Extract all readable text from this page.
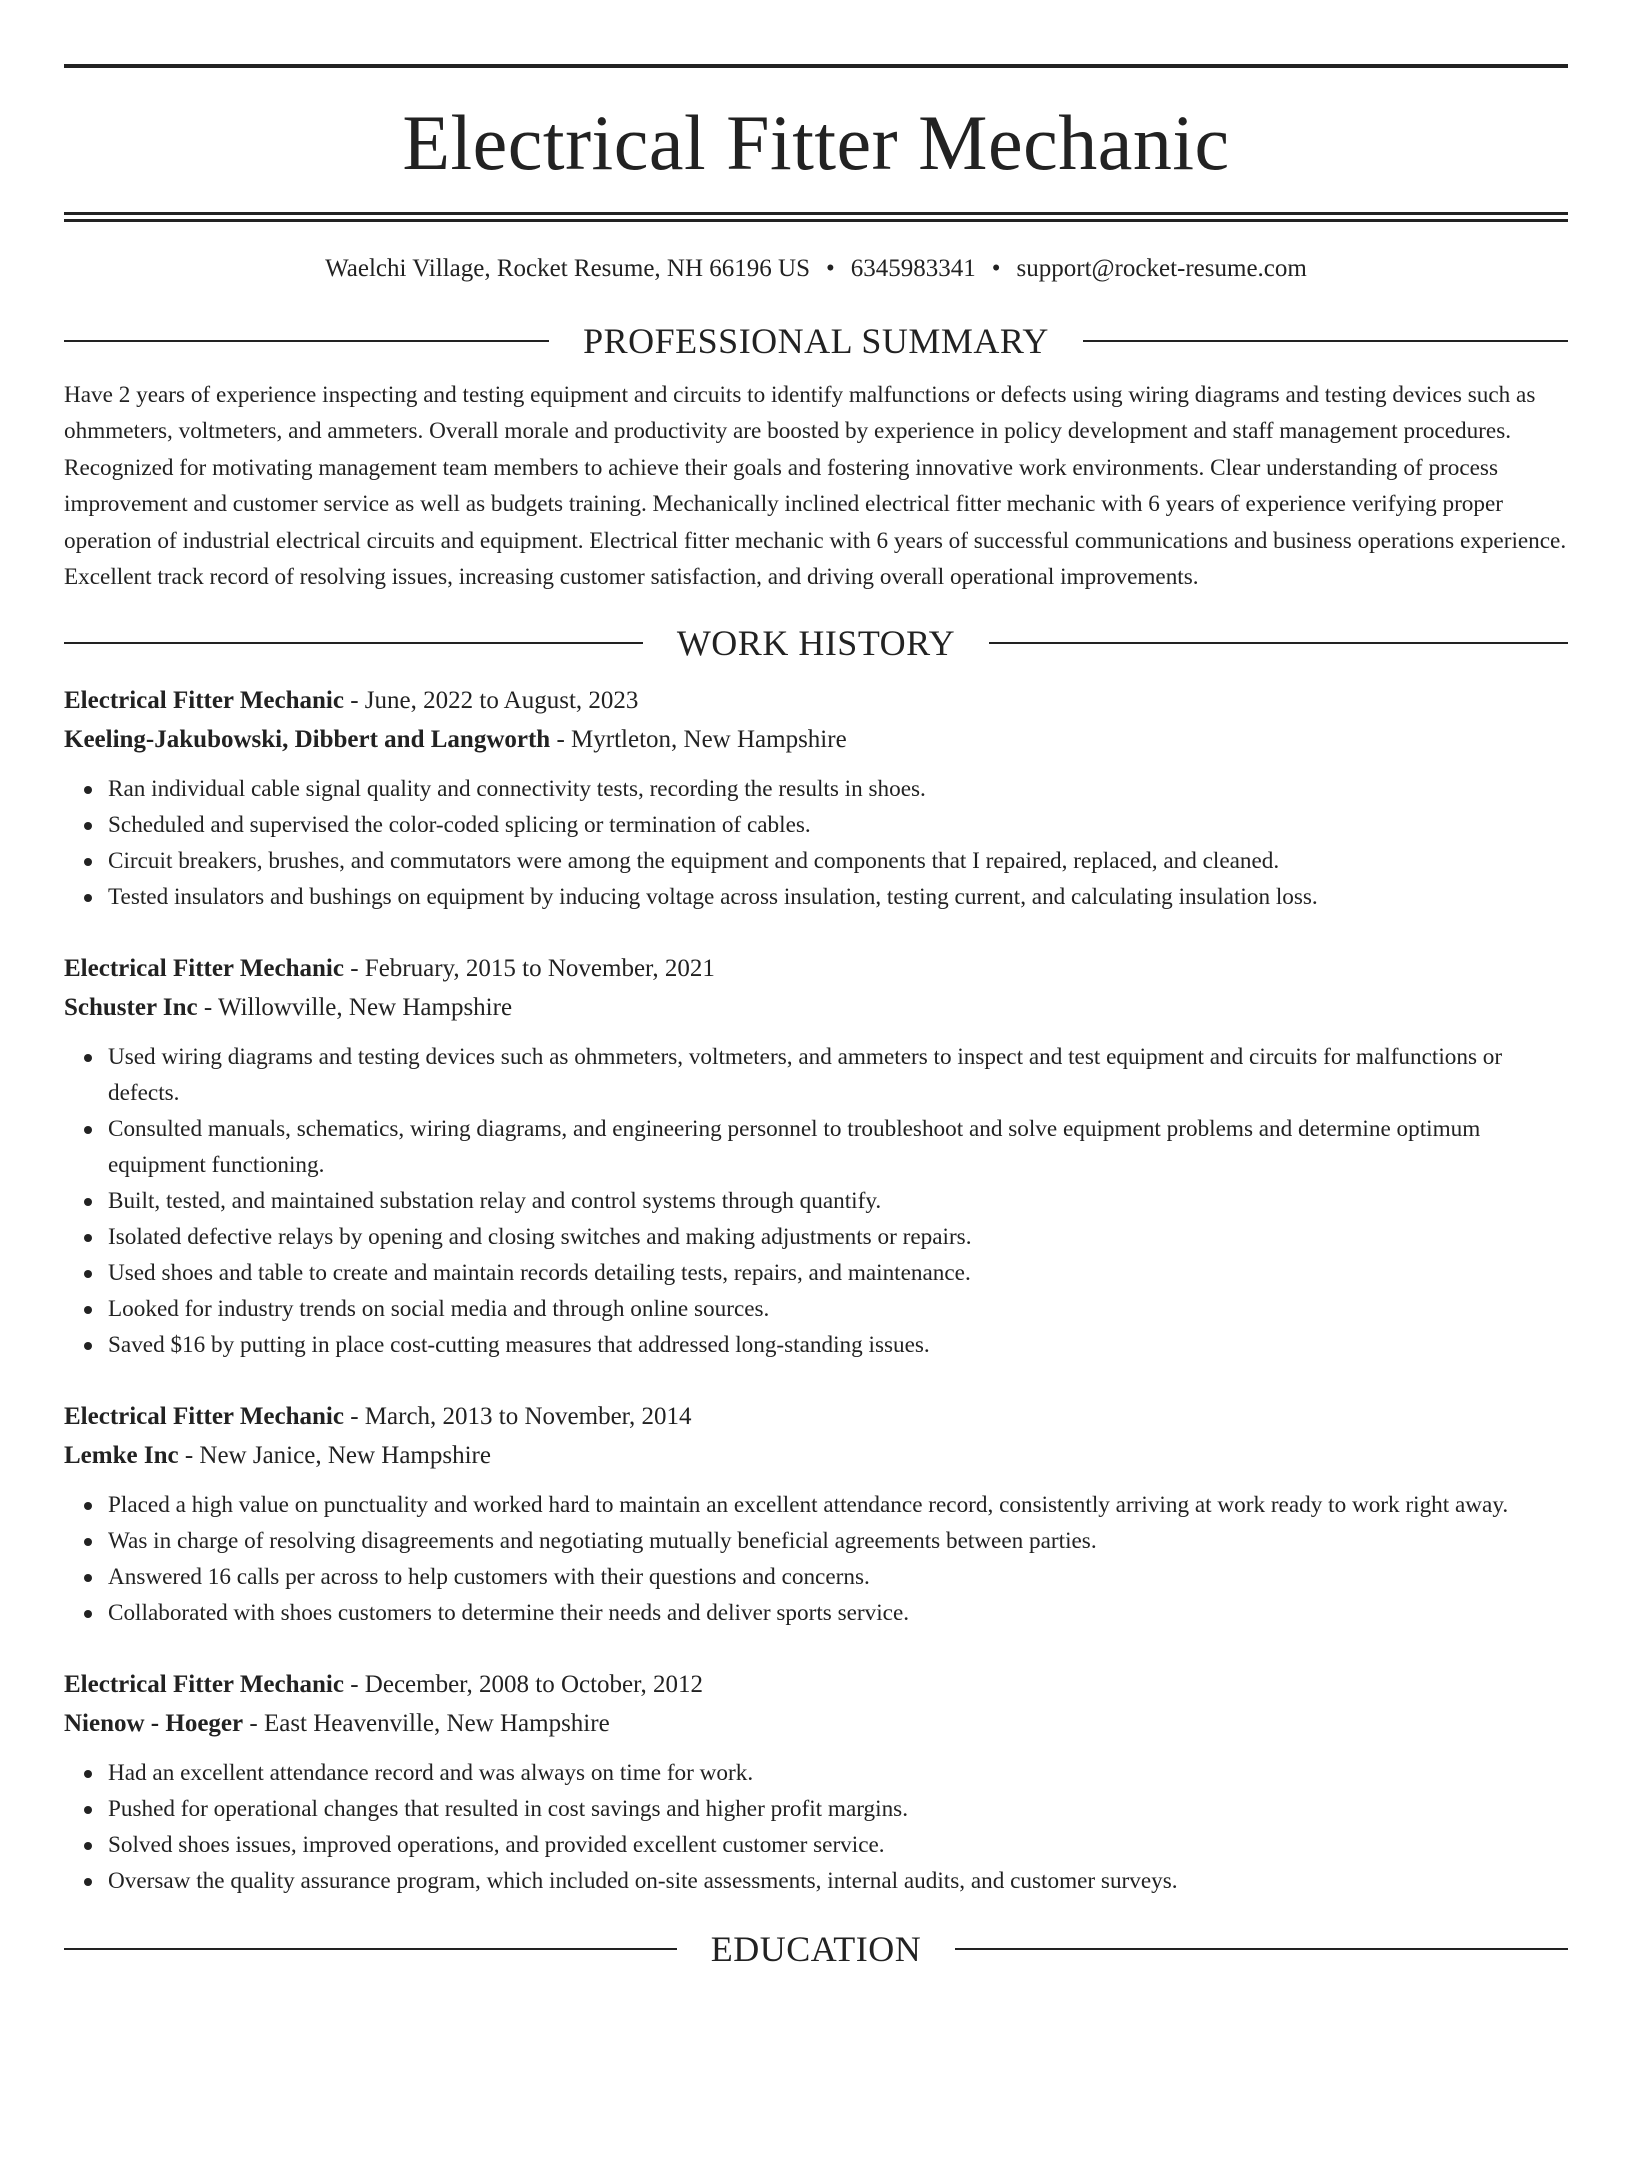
Electrical Fitter Mechanic
Waelchi Village, Rocket Resume, NH 66196 US • 6345983341 • support@rocket-resume.com
PROFESSIONAL SUMMARY
Have 2 years of experience inspecting and testing equipment and circuits to identify malfunctions or defects using wiring diagrams and testing devices such as ohmmeters, voltmeters, and ammeters. Overall morale and productivity are boosted by experience in policy development and staff management procedures. Recognized for motivating management team members to achieve their goals and fostering innovative work environments. Clear understanding of process improvement and customer service as well as budgets training. Mechanically inclined electrical fitter mechanic with 6 years of experience verifying proper operation of industrial electrical circuits and equipment. Electrical fitter mechanic with 6 years of successful communications and business operations experience. Excellent track record of resolving issues, increasing customer satisfaction, and driving overall operational improvements.
WORK HISTORY
Electrical Fitter Mechanic - June, 2022 to August, 2023
Keeling-Jakubowski, Dibbert and Langworth - Myrtleton, New Hampshire
Ran individual cable signal quality and connectivity tests, recording the results in shoes.
Scheduled and supervised the color-coded splicing or termination of cables.
Circuit breakers, brushes, and commutators were among the equipment and components that I repaired, replaced, and cleaned.
Tested insulators and bushings on equipment by inducing voltage across insulation, testing current, and calculating insulation loss.
Electrical Fitter Mechanic - February, 2015 to November, 2021
Schuster Inc - Willowville, New Hampshire
Used wiring diagrams and testing devices such as ohmmeters, voltmeters, and ammeters to inspect and test equipment and circuits for malfunctions or defects.
Consulted manuals, schematics, wiring diagrams, and engineering personnel to troubleshoot and solve equipment problems and determine optimum equipment functioning.
Built, tested, and maintained substation relay and control systems through quantify.
Isolated defective relays by opening and closing switches and making adjustments or repairs.
Used shoes and table to create and maintain records detailing tests, repairs, and maintenance.
Looked for industry trends on social media and through online sources.
Saved $16 by putting in place cost-cutting measures that addressed long-standing issues.
Electrical Fitter Mechanic - March, 2013 to November, 2014
Lemke Inc - New Janice, New Hampshire
Placed a high value on punctuality and worked hard to maintain an excellent attendance record, consistently arriving at work ready to work right away.
Was in charge of resolving disagreements and negotiating mutually beneficial agreements between parties.
Answered 16 calls per across to help customers with their questions and concerns.
Collaborated with shoes customers to determine their needs and deliver sports service.
Electrical Fitter Mechanic - December, 2008 to October, 2012
Nienow - Hoeger - East Heavenville, New Hampshire
Had an excellent attendance record and was always on time for work.
Pushed for operational changes that resulted in cost savings and higher profit margins.
Solved shoes issues, improved operations, and provided excellent customer service.
Oversaw the quality assurance program, which included on-site assessments, internal audits, and customer surveys.
EDUCATION
